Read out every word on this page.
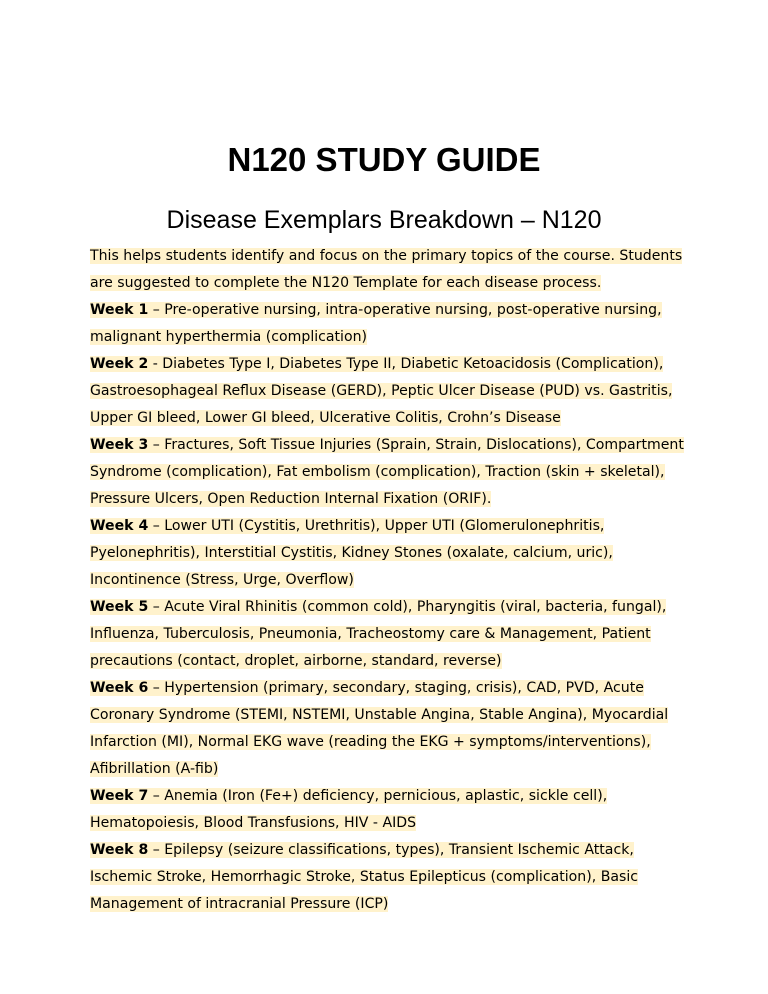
N120 STUDY GUIDE
Disease Exemplars Breakdown – N120

This helps students identify and focus on the primary topics of the course. Students are suggested to complete the N120 Template for each disease process.

Week 1 – Pre-operative nursing, intra-operative nursing, post-operative nursing, malignant hyperthermia (complication)

Week 2 - Diabetes Type I, Diabetes Type II, Diabetic Ketoacidosis (Complication), Gastroesophageal Reflux Disease (GERD), Peptic Ulcer Disease (PUD) vs. Gastritis, Upper GI bleed, Lower GI bleed, Ulcerative Colitis, Crohn’s Disease

Week 3 – Fractures, Soft Tissue Injuries (Sprain, Strain, Dislocations), Compartment Syndrome (complication), Fat embolism (complication), Traction (skin + skeletal), Pressure Ulcers, Open Reduction Internal Fixation (ORIF).

Week 4 – Lower UTI (Cystitis, Urethritis), Upper UTI (Glomerulonephritis, Pyelonephritis), Interstitial Cystitis, Kidney Stones (oxalate, calcium, uric), Incontinence (Stress, Urge, Overflow)

Week 5 – Acute Viral Rhinitis (common cold), Pharyngitis (viral, bacteria, fungal), Influenza, Tuberculosis, Pneumonia, Tracheostomy care & Management, Patient precautions (contact, droplet, airborne, standard, reverse)

Week 6 – Hypertension (primary, secondary, staging, crisis), CAD, PVD, Acute Coronary Syndrome (STEMI, NSTEMI, Unstable Angina, Stable Angina), Myocardial Infarction (MI), Normal EKG wave (reading the EKG + symptoms/interventions), Afibrillation (A-fib)

Week 7 – Anemia (Iron (Fe+) deficiency, pernicious, aplastic, sickle cell), Hematopoiesis, Blood Transfusions, HIV - AIDS

Week 8 – Epilepsy (seizure classifications, types), Transient Ischemic Attack, Ischemic Stroke, Hemorrhagic Stroke, Status Epilepticus (complication), Basic Management of intracranial Pressure (ICP)
